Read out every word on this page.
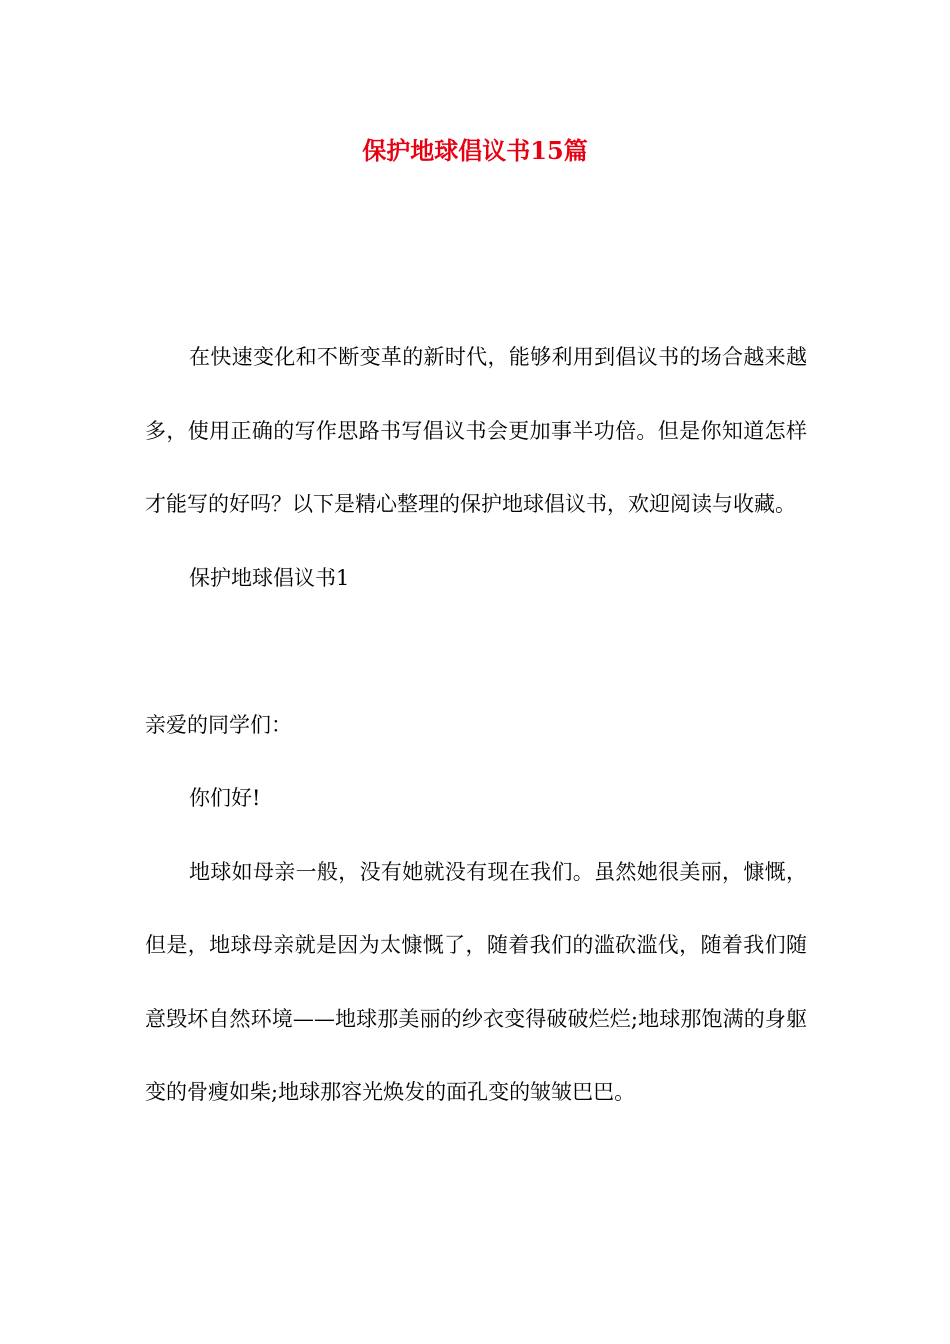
保护地球倡议书15篇

在快速变化和不断变革的新时代，能够利用到倡议书的场合越来越多，使用正确的写作思路书写倡议书会更加事半功倍。但是你知道怎样才能写的好吗？以下是精心整理的保护地球倡议书，欢迎阅读与收藏。

保护地球倡议书1

亲爱的同学们：

你们好!

地球如母亲一般，没有她就没有现在我们。虽然她很美丽，慷慨，但是，地球母亲就是因为太慷慨了，随着我们的滥砍滥伐，随着我们随意毁坏自然环境——地球那美丽的纱衣变得破破烂烂;地球那饱满的身躯变的骨瘦如柴;地球那容光焕发的面孔变的皱皱巴巴。
